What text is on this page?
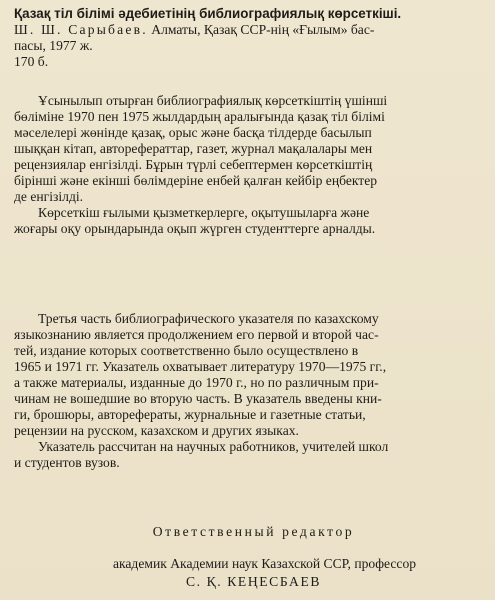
Қазақ тіл білімі әдебиетінің библиографиялық көрсеткіші.
Ш. Ш. Сарыбаев. Алматы, Қазақ ССР-нің «Ғылым» бас-
пасы, 1977 ж.
170 б.

Ұсынылып отырған библиографиялық көрсеткіштің үшінші
бөліміне 1970 пен 1975 жылдардың аралығында қазақ тіл білімі
мәселелері жөнінде қазақ, орыс және басқа тілдерде басылып
шыққан кітап, авторефераттар, газет, журнал мақалалары мен
рецензиялар енгізілді. Бұрын түрлі себептермен көрсеткіштің
бірінші және екінші бөлімдеріне енбей қалған кейбір еңбектер
де енгізілді.

Көрсеткіш ғылыми қызметкерлерге, оқытушыларға және
жоғары оқу орындарында оқып жүрген студенттерге арналды.

Третья часть библиографического указателя по казахскому
языкознанию является продолжением его первой и второй час-
тей, издание которых соответственно было осуществлено в
1965 и 1971 гг. Указатель охватывает литературу 1970—1975 гг.,
а также материалы, изданные до 1970 г., но по различным при-
чинам не вошедшие во вторую часть. В указатель введены кни-
ги, брошюры, авторефераты, журнальные и газетные статьи,
рецензии на русском, казахском и других языках.

Указатель рассчитан на научных работников, учителей школ
и студентов вузов.

Ответственный редактор
академик Академии наук Казахской ССР, профессор
С. Қ. КЕҢЕСБАЕВ
